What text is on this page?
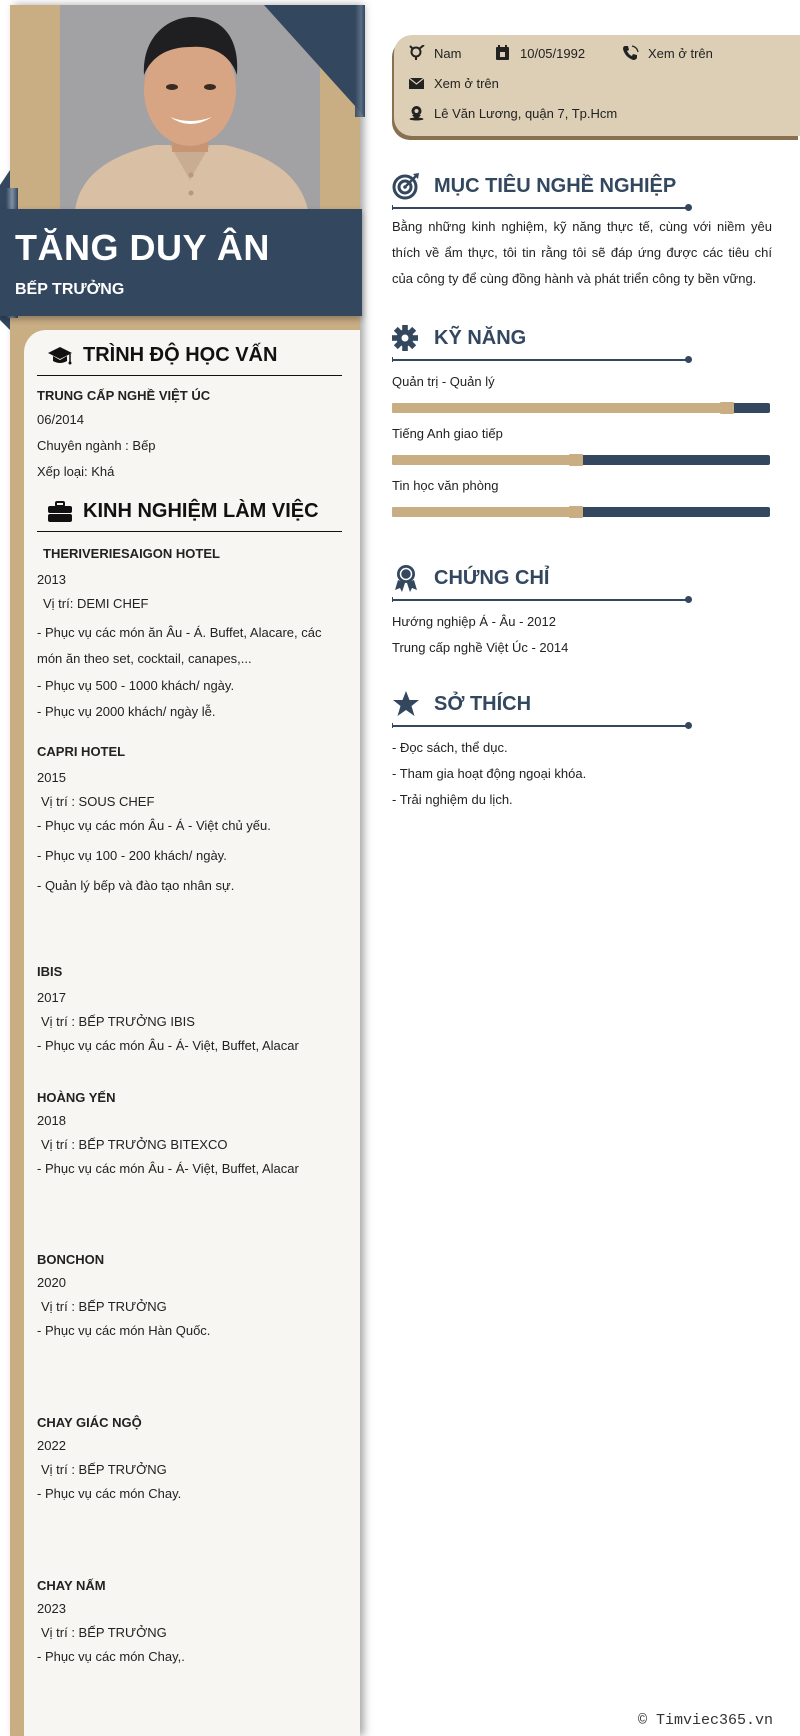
TĂNG DUY ÂN
BẾP TRƯỞNG
TRÌNH ĐỘ HỌC VẤN
TRUNG CẤP NGHỀ VIỆT ÚC
06/2014
Chuyên ngành : Bếp
Xếp loại: Khá
KINH NGHIỆM LÀM VIỆC
THERIVERIESAIGON HOTEL
2013
Vị trí: DEMI CHEF
- Phục vụ các món ăn Âu - Á. Buffet, Alacare, các món ăn theo set, cocktail, canapes,...
- Phục vụ 500 - 1000 khách/ ngày.
- Phục vụ 2000 khách/ ngày lễ.
CAPRI HOTEL
2015
Vị trí : SOUS CHEF
- Phục vụ các món Âu - Á - Việt chủ yếu.
- Phục vụ 100 - 200 khách/ ngày.
- Quản lý bếp và đào tạo nhân sự.
IBIS
2017
Vị trí : BẾP TRƯỞNG IBIS
- Phục vụ các món Âu - Á- Việt, Buffet, Alacar
HOÀNG YẾN
2018
Vị trí : BẾP TRƯỞNG BITEXCO
- Phục vụ các món Âu - Á- Việt, Buffet, Alacar
BONCHON
2020
Vị trí : BẾP TRƯỞNG
- Phục vụ các món Hàn Quốc.
CHAY GIÁC NGỘ
2022
Vị trí : BẾP TRƯỞNG
- Phục vụ các món Chay.
CHAY NẤM
2023
Vị trí : BẾP TRƯỞNG
- Phục vụ các món Chay,.
Nam	10/05/1992	Xem ở trên
Xem ở trên
Lê Văn Lương, quận 7, Tp.Hcm
MỤC TIÊU NGHỀ NGHIỆP
Bằng những kinh nghiệm, kỹ năng thực tế, cùng với niềm yêu thích về ẩm thực, tôi tin rằng tôi sẽ đáp ứng được các tiêu chí của công ty để cùng đồng hành và phát triển công ty bền vững.
KỸ NĂNG
Quản trị - Quản lý
Tiếng Anh giao tiếp
Tin học văn phòng
CHỨNG CHỈ
Hướng nghiệp Á - Âu - 2012
Trung cấp nghề Việt Úc - 2014
SỞ THÍCH
- Đọc sách, thể dục.
- Tham gia hoạt động ngoại khóa.
- Trải nghiệm du lịch.
© Timviec365.vn
